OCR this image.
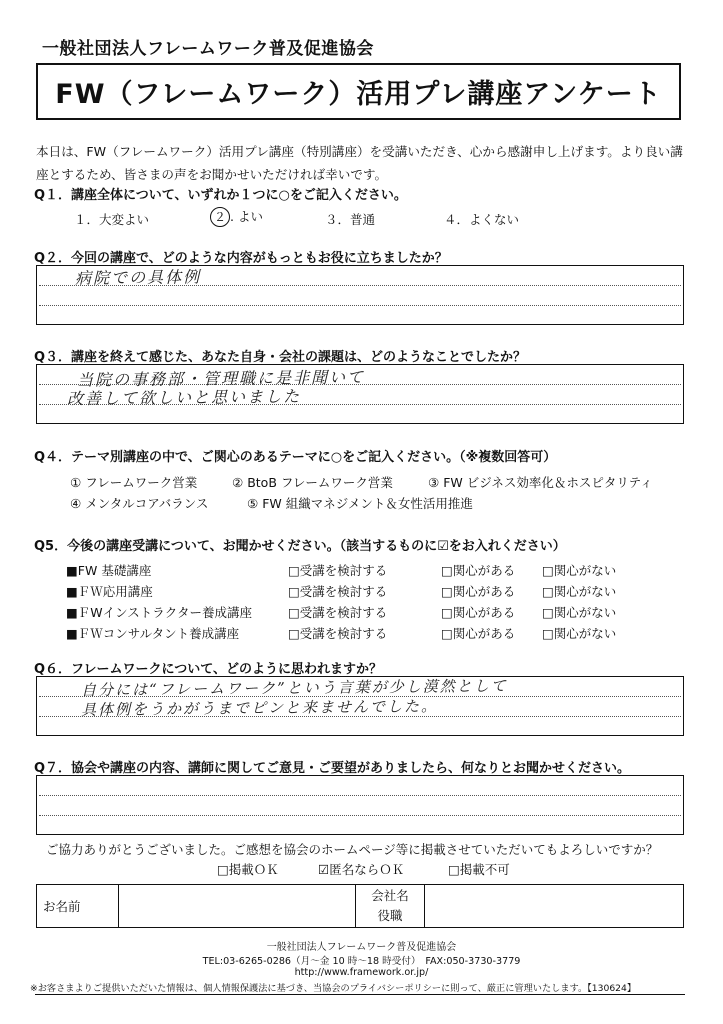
一般社団法人フレームワーク普及促進協会
FW（フレームワーク）活用プレ講座アンケート
本日は、FW（フレームワーク）活用プレ講座（特別講座）を受講いただき、心から感謝申し上げます。より良い講
座とするため、皆さまの声をお聞かせいただければ幸いです。
Q１．講座全体について、いずれか１つに○をご記入ください。
１．大変よい	２ . よい	３．普通	４．よくない
Q２．今回の講座で、どのような内容がもっともお役に立ちましたか？
病院での具体例
Q３．講座を終えて感じた、あなた自身・会社の課題は、どのようなことでしたか？
当院の事務部・管理職に是非聞いて
改善して欲しいと思いました
Q４．テーマ別講座の中で、ご関心のあるテーマに○をご記入ください。（※複数回答可）
① フレームワーク営業	② BtoB フレームワーク営業	③ FW ビジネス効率化＆ホスピタリティ
④ メンタルコアバランス	⑤ FW 組織マネジメント＆女性活用推進
Q5．今後の講座受講について、お聞かせください。（該当するものに☑をお入れください）
■FW 基礎講座	□受講を検討する	□関心がある □関心がない
■ＦＷ応用講座	□受講を検討する	□関心がある □関心がない
■ＦWインストラクター養成講座	□受講を検討する	□関心がある □関心がない
■ＦＷコンサルタント養成講座	□受講を検討する	□関心がある □関心がない
Q６．フレームワークについて、どのように思われますか？
自分には“フレームワーク”という言葉が少し漠然として
具体例をうかがうまでピンと来ませんでした。
Q７．協会や講座の内容、講師に関してご意見・ご要望がありましたら、何なりとお聞かせください。
ご協力ありがとうございました。ご感想を協会のホームページ等に掲載させていただいてもよろしいですか？
□掲載ＯＫ	☑匿名ならＯＫ	□掲載不可
お名前		
会社名
役職

一般社団法人フレームワーク普及促進協会
TEL:03-6265-0286（月～金 10 時～18 時受付）　FAX:050-3730-3779
http://www.framework.or.jp/
※お客さまよりご提供いただいた情報は、個人情報保護法に基づき、当協会のプライバシーポリシーに則って、厳正に管理いたします。【130624】
